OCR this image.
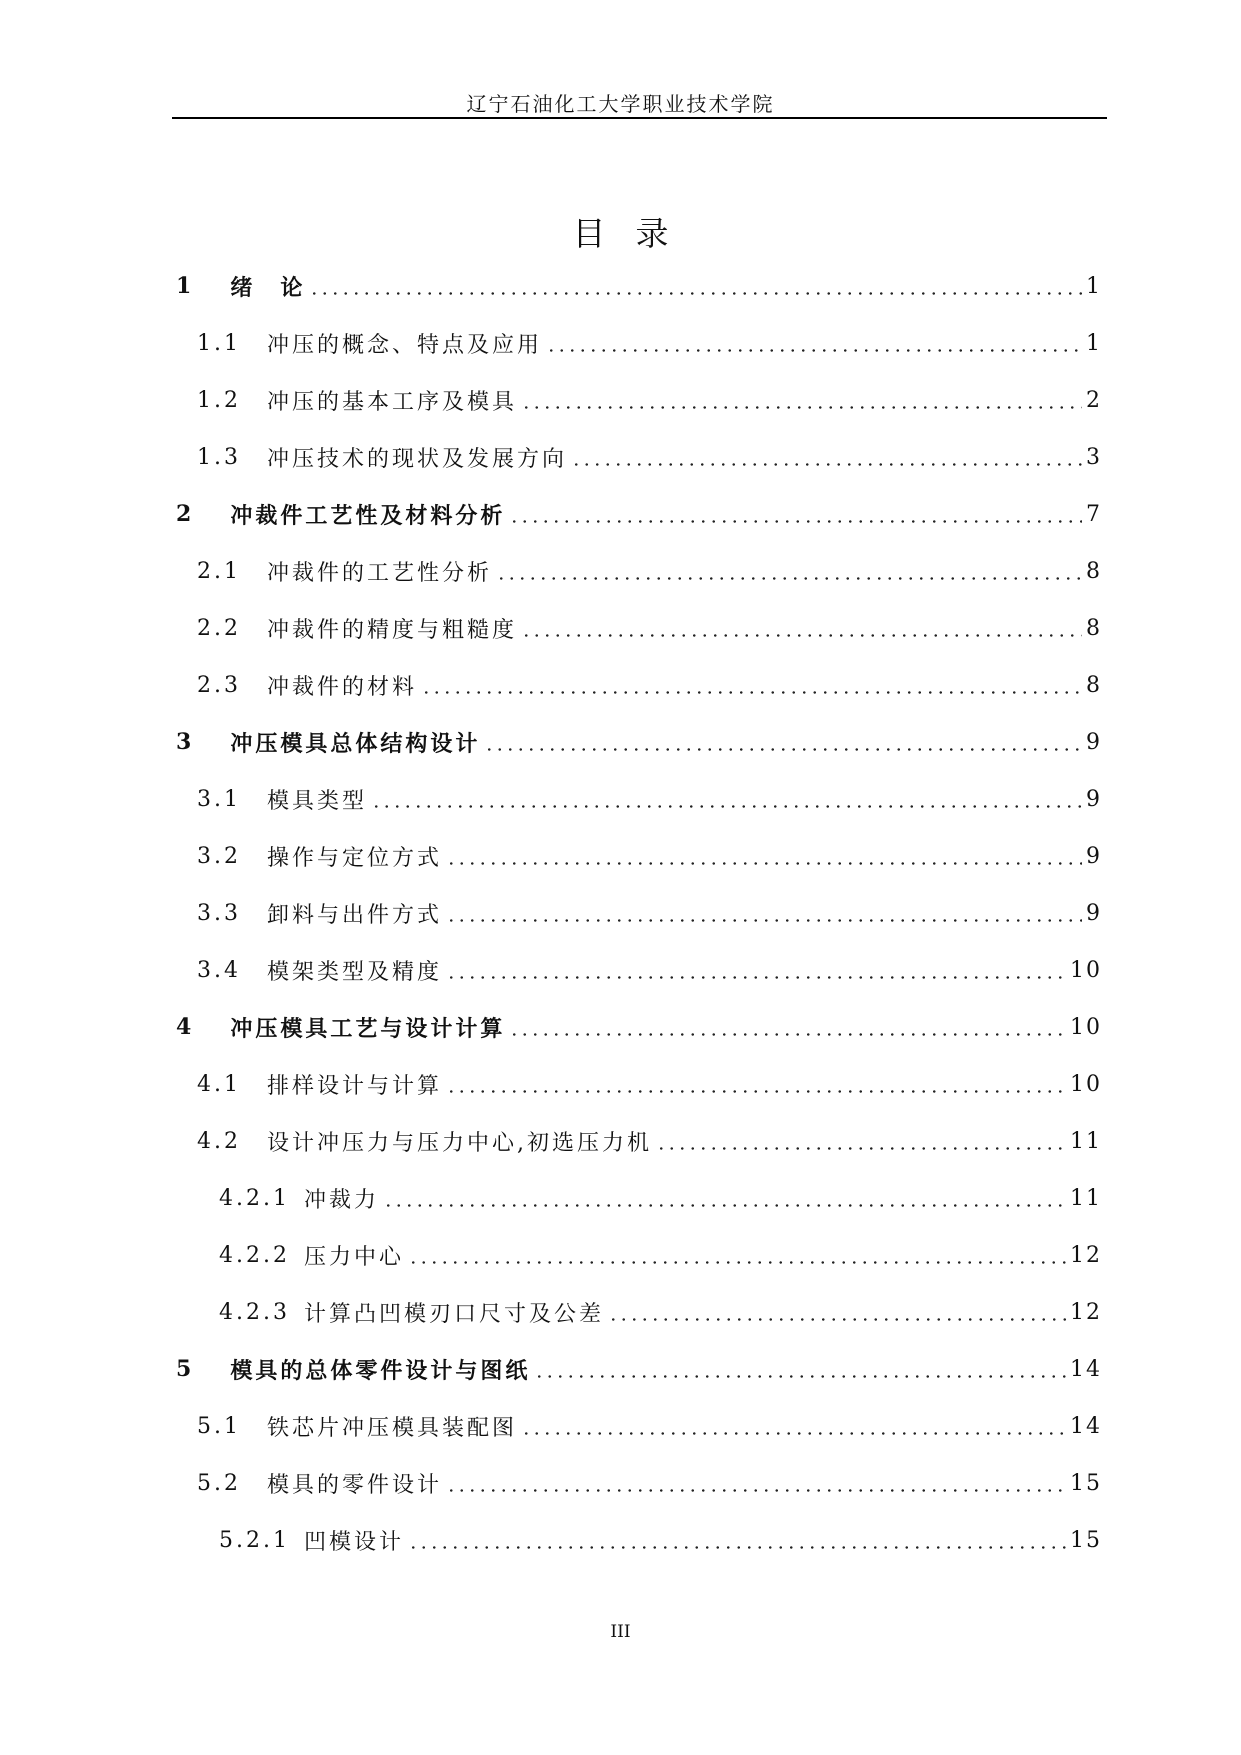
辽宁石油化工大学职业技术学院
目录
1 绪　论	1
1.1 冲压的概念、特点及应用	1
1.2 冲压的基本工序及模具	2
1.3 冲压技术的现状及发展方向	3
2 冲裁件工艺性及材料分析	7
2.1 冲裁件的工艺性分析	8
2.2 冲裁件的精度与粗糙度	8
2.3 冲裁件的材料	8
3 冲压模具总体结构设计	9
3.1 模具类型	9
3.2 操作与定位方式	9
3.3 卸料与出件方式	9
3.4 模架类型及精度	10
4 冲压模具工艺与设计计算	10
4.1 排样设计与计算	10
4.2 设计冲压力与压力中心,初选压力机	11
4.2.1 冲裁力	11
4.2.2 压力中心	12
4.2.3 计算凸凹模刃口尺寸及公差	12
5 模具的总体零件设计与图纸	14
5.1 铁芯片冲压模具装配图	14
5.2 模具的零件设计	15
5.2.1 凹模设计	15
III
